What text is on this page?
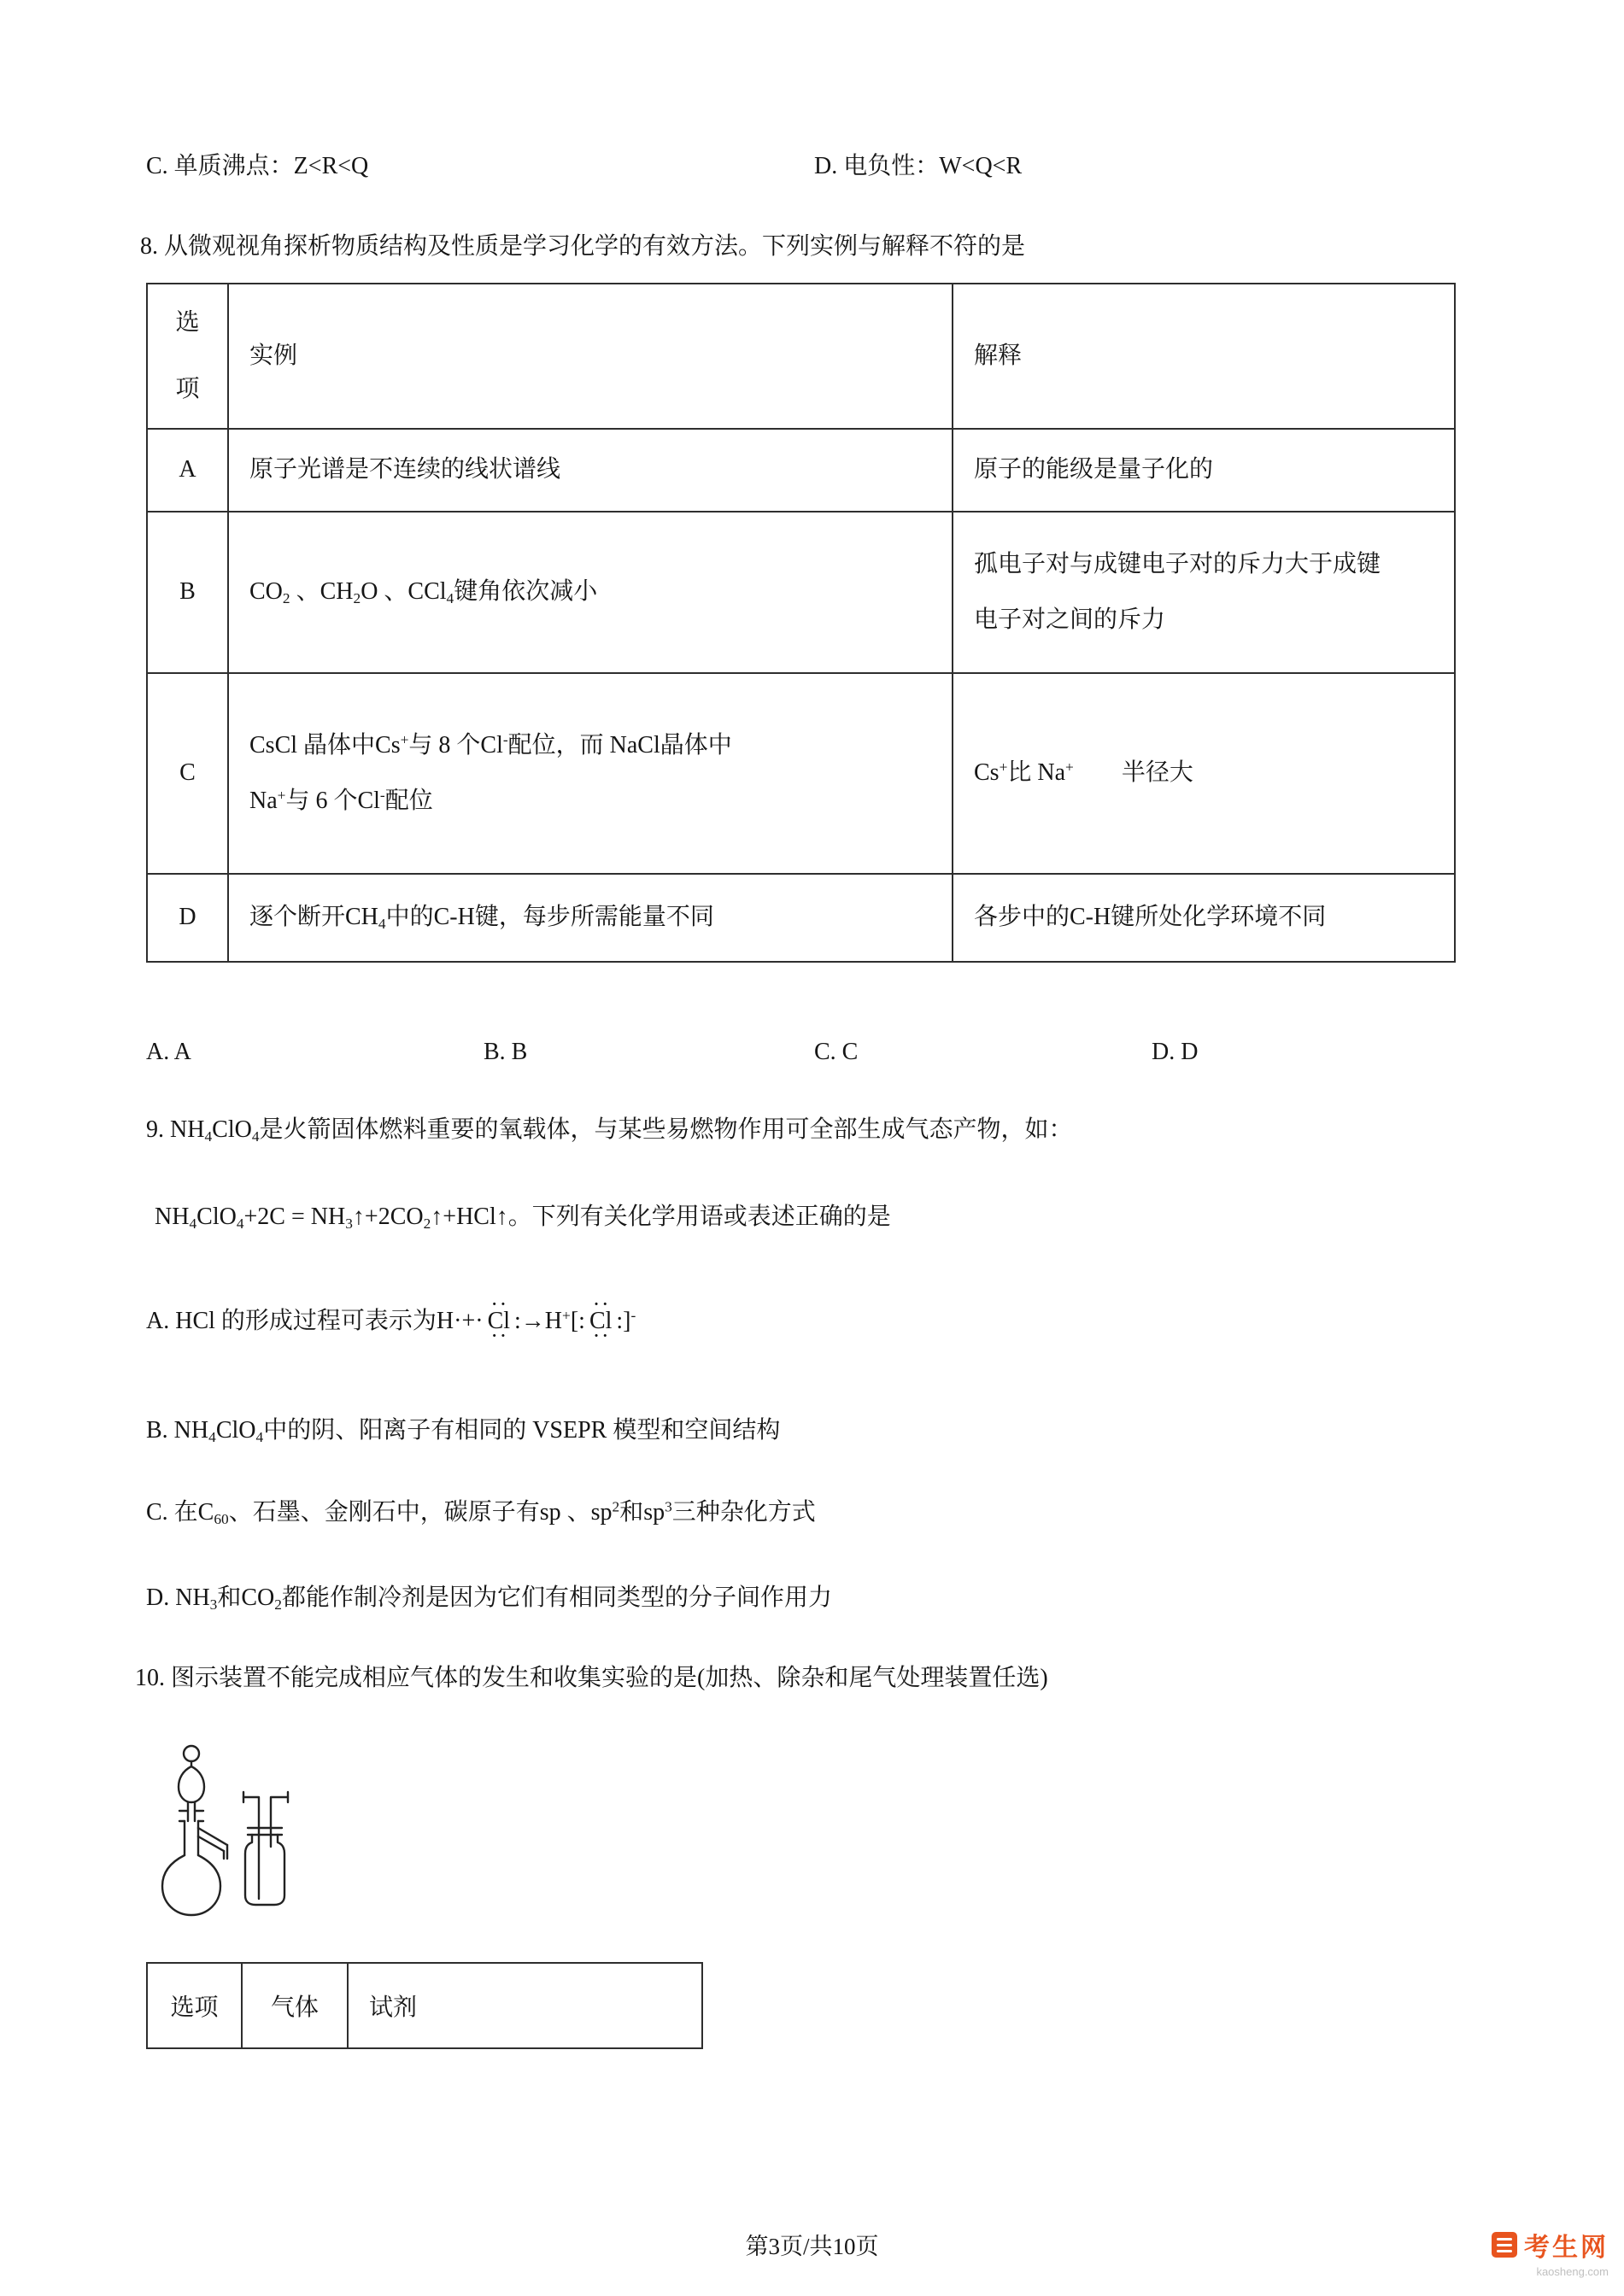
C. 单质沸点：Z<R<Q	D. 电负性：W<Q<R
8. 从微观视角探析物质结构及性质是学习化学的有效方法。下列实例与解释不符的是
选项	实例	解释
A	原子光谱是不连续的线状谱线	原子的能级是量子化的
B	$CO_2$ 、$CH_2O$ 、CCl$_4$键角依次减小	孤电子对与成键电子对的斥力大于成键
电子对之间的斥力
C	CsCl 晶体中Cs+与 8 个Cl-配位，而 NaCl晶体中
Na+与 6 个Cl-配位	Cs+比 Na+　　半径大
D	逐个断开$CH_4$中的C-H键，每步所需能量不同	各步中的C-H键所处化学环境不同
A. A	B. B	C. C	D. D
9. $NH_4ClO_4$是火箭固体燃料重要的氧载体，与某些易燃物作用可全部生成气态产物，如：
$NH_4ClO_4+2C$ = $NH_3↑+2CO_2↑+HCl↑$。下列有关化学用语或表述正确的是
A. HCl 的形成过程可表示为H·+· · · Cl · · :→H+[: · · Cl · · :]-
B. $NH_4ClO_4$中的阴、阳离子有相同的 VSEPR 模型和空间结构
C. 在$C_{60}$、石墨、金刚石中，碳原子有sp 、$sp^2$和$sp^3$三种杂化方式
D. $NH_3$和$CO_2$都能作制冷剂是因为它们有相同类型的分子间作用力
10. 图示装置不能完成相应气体的发生和收集实验的是(加热、除杂和尾气处理装置任选)
选项	气体	试剂
第3页/共10页	考生网
kaosheng.com
